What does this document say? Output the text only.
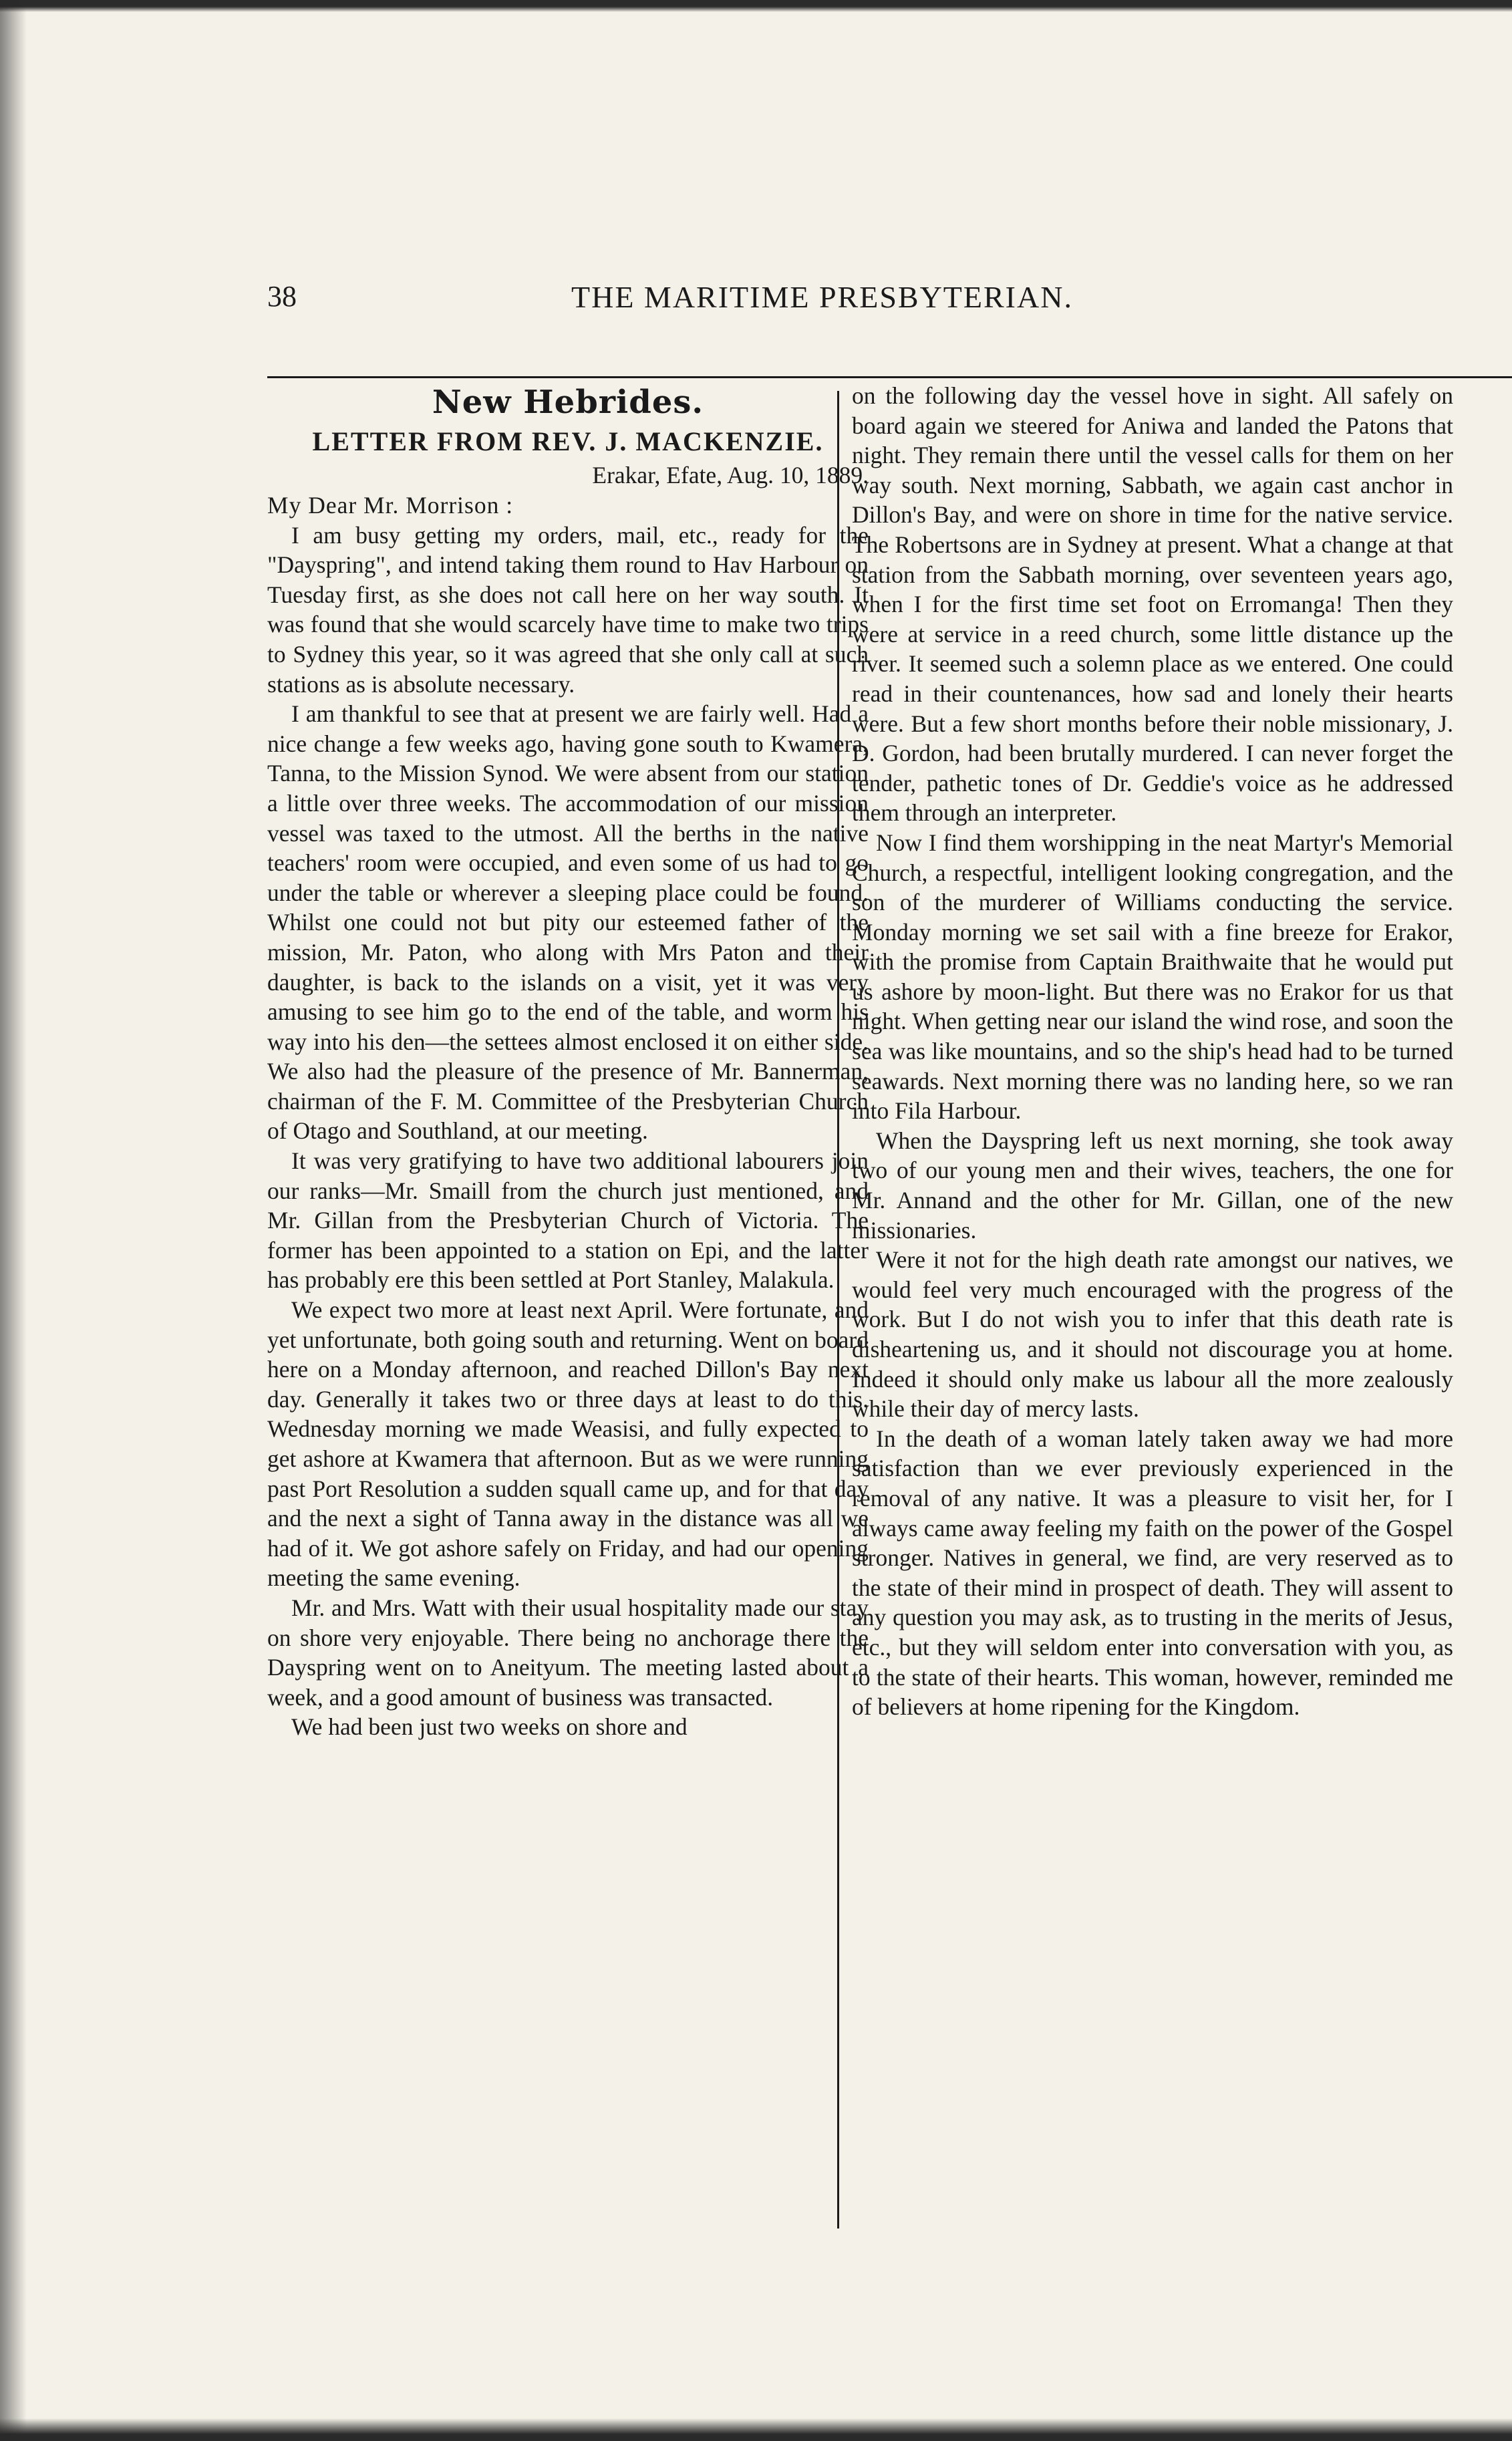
38	THE MARITIME PRESBYTERIAN.
New Hebrides.
LETTER FROM REV. J. MACKENZIE.

Erakar, Efate, Aug. 10, 1889.

My Dear Mr. Morrison :

I am busy getting my orders, mail, etc., ready for the "Dayspring", and intend taking them round to Hav Harbour on Tuesday first, as she does not call here on her way south. It was found that she would scarcely have time to make two trips to Sydney this year, so it was agreed that she only call at such stations as is absolute necessary.

I am thankful to see that at present we are fairly well. Had a nice change a few weeks ago, having gone south to Kwamera, Tanna, to the Mission Synod. We were absent from our station a little over three weeks. The accommodation of our mission vessel was taxed to the utmost. All the berths in the native teachers' room were occupied, and even some of us had to go under the table or wherever a sleeping place could be found. Whilst one could not but pity our esteemed father of the mission, Mr. Paton, who along with Mrs Paton and their daughter, is back to the islands on a visit, yet it was very amusing to see him go to the end of the table, and worm his way into his den—the settees almost enclosed it on either side. We also had the pleasure of the presence of Mr. Bannerman, chairman of the F. M. Committee of the Presbyterian Church of Otago and Southland, at our meeting.

It was very gratifying to have two additional labourers join our ranks—Mr. Smaill from the church just mentioned, and Mr. Gillan from the Presbyterian Church of Victoria. The former has been appointed to a station on Epi, and the latter has probably ere this been settled at Port Stanley, Malakula.

We expect two more at least next April. Were fortunate, and yet unfortunate, both going south and returning. Went on board here on a Monday afternoon, and reached Dillon's Bay next day. Generally it takes two or three days at least to do this. Wednesday morning we made Weasisi, and fully expected to get ashore at Kwamera that afternoon. But as we were running past Port Resolution a sudden squall came up, and for that day and the next a sight of Tanna away in the distance was all we had of it. We got ashore safely on Friday, and had our opening meeting the same evening.

Mr. and Mrs. Watt with their usual hospitality made our stay on shore very enjoyable. There being no anchorage there the Dayspring went on to Aneityum. The meeting lasted about a week, and a good amount of business was transacted.

We had been just two weeks on shore and

on the following day the vessel hove in sight. All safely on board again we steered for Aniwa and landed the Patons that night. They remain there until the vessel calls for them on her way south. Next morning, Sabbath, we again cast anchor in Dillon's Bay, and were on shore in time for the native service. The Robertsons are in Sydney at present. What a change at that station from the Sabbath morning, over seventeen years ago, when I for the first time set foot on Erromanga! Then they were at service in a reed church, some little distance up the river. It seemed such a solemn place as we entered. One could read in their countenances, how sad and lonely their hearts were. But a few short months before their noble missionary, J. D. Gordon, had been brutally murdered. I can never forget the tender, pathetic tones of Dr. Geddie's voice as he addressed them through an interpreter.

Now I find them worshipping in the neat Martyr's Memorial Church, a respectful, intelligent looking congregation, and the son of the murderer of Williams conducting the service. Monday morning we set sail with a fine breeze for Erakor, with the promise from Captain Braithwaite that he would put us ashore by moon-light. But there was no Erakor for us that night. When getting near our island the wind rose, and soon the sea was like mountains, and so the ship's head had to be turned seawards. Next morning there was no landing here, so we ran into Fila Harbour.

When the Dayspring left us next morning, she took away two of our young men and their wives, teachers, the one for Mr. Annand and the other for Mr. Gillan, one of the new missionaries.

Were it not for the high death rate amongst our natives, we would feel very much encouraged with the progress of the work. But I do not wish you to infer that this death rate is disheartening us, and it should not discourage you at home. Indeed it should only make us labour all the more zealously while their day of mercy lasts.

In the death of a woman lately taken away we had more satisfaction than we ever previously experienced in the removal of any native. It was a pleasure to visit her, for I always came away feeling my faith on the power of the Gospel stronger. Natives in general, we find, are very reserved as to the state of their mind in prospect of death. They will assent to any question you may ask, as to trusting in the merits of Jesus, etc., but they will seldom enter into conversation with you, as to the state of their hearts. This woman, however, reminded me of believers at home ripening for the Kingdom.
